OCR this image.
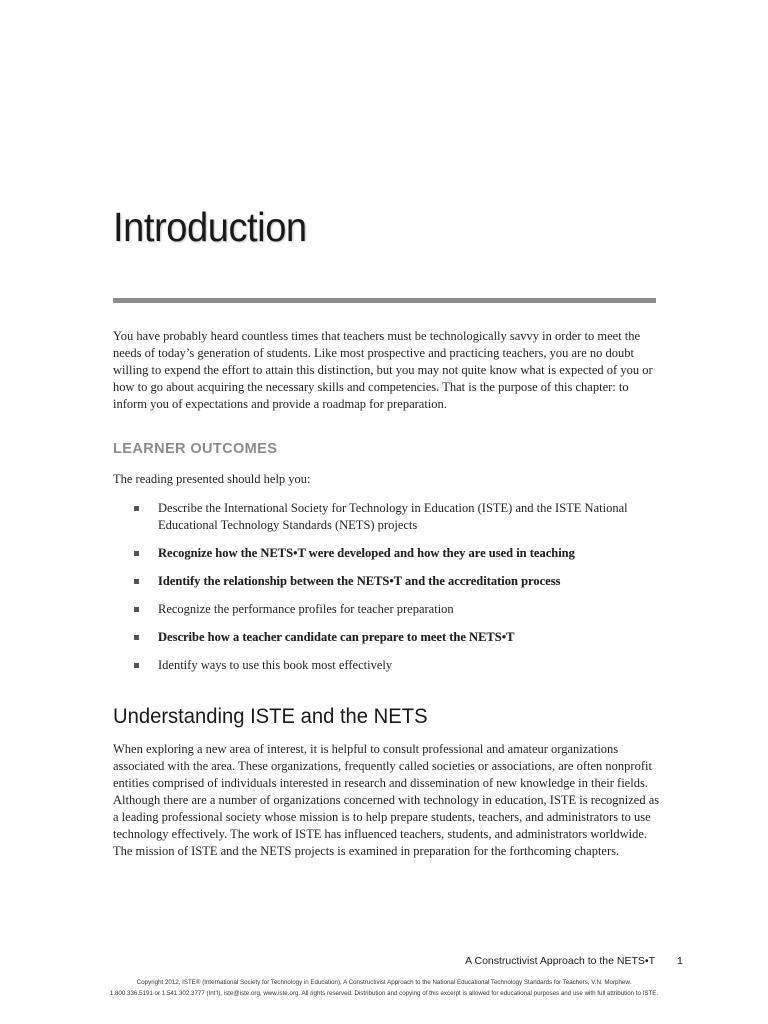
Introduction

You have probably heard countless times that teachers must be technologically savvy in order to meet the needs of today’s generation of students. Like most prospective and practicing teachers, you are no doubt willing to expend the effort to attain this distinction, but you may not quite know what is expected of you or how to go about acquiring the necessary skills and competencies. That is the purpose of this chapter: to inform you of expectations and provide a roadmap for preparation.

LEARNER OUTCOMES

The reading presented should help you:

Describe the International Society for Technology in Education (ISTE) and the ISTE National Educational Technology Standards (NETS) projects
Recognize how the NETS•T were developed and how they are used in teaching
Identify the relationship between the NETS•T and the accreditation process
Recognize the performance profiles for teacher preparation
Describe how a teacher candidate can prepare to meet the NETS•T
Identify ways to use this book most effectively
Understanding ISTE and the NETS

When exploring a new area of interest, it is helpful to consult professional and amateur organizations associated with the area. These organizations, frequently called societies or associations, are often nonprofit entities comprised of individuals interested in research and dissemination of new knowledge in their fields. Although there are a number of organizations concerned with technology in education, ISTE is recognized as a leading professional society whose mission is to help prepare students, teachers, and administrators to use technology effectively. The work of ISTE has influenced teachers, students, and administrators worldwide. The mission of ISTE and the NETS projects is examined in preparation for the forthcoming chapters.

A Constructivist Approach to the NETS•T 1

Copyright 2012, ISTE® (International Society for Technology in Education), A Constructivist Approach to the National Educational Technology Standards for Teachers, V.N. Morphew.
1.800.336.5191 or 1.541.302.3777 (Int’l), iste@iste.org, www.iste.org. All rights reserved. Distribution and copying of this excerpt is allowed for educational purposes and use with full attribution to ISTE.
